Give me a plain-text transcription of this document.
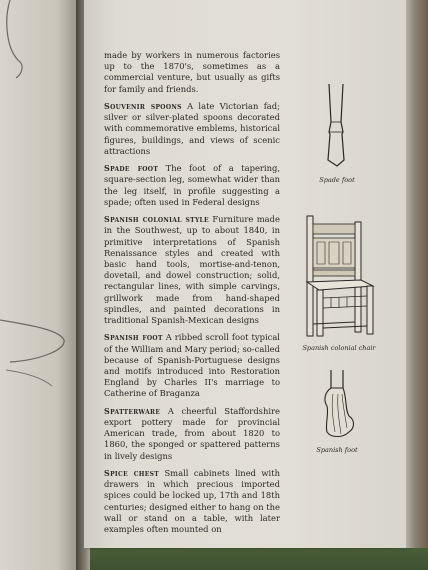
made by workers in numerous factories up to the 1870's, sometimes as a commercial venture, but usually as gifts for family and friends.

Souvenir spoons A late Victorian fad; silver or silver-plated spoons decorated with commemorative emblems, historical figures, buildings, and views of scenic attractions

Spade foot The foot of a tapering, square-section leg, somewhat wider than the leg itself, in profile suggesting a spade; often used in Federal designs

Spanish colonial style Furniture made in the Southwest, up to about 1840, in primitive interpretations of Spanish Renaissance styles and created with basic hand tools, mortise-and-tenon, dovetail, and dowel construction; solid, rectangular lines, with simple carvings, grillwork made from hand-shaped spindles, and painted decorations in traditional Spanish-Mexican designs

Spanish foot A ribbed scroll foot typical of the William and Mary period; so-called because of Spanish-Portuguese designs and motifs introduced into Restoration England by Charles II's marriage to Catherine of Braganza

Spatterware A cheerful Staffordshire export pottery made for provincial American trade, from about 1820 to 1860, the sponged or spattered patterns in lively designs

Spice chest Small cabinets lined with drawers in which precious imported spices could be locked up, 17th and 18th centuries; designed either to hang on the wall or stand on a table, with later examples often mounted on

Spade foot
Spanish colonial chair
Spanish foot
